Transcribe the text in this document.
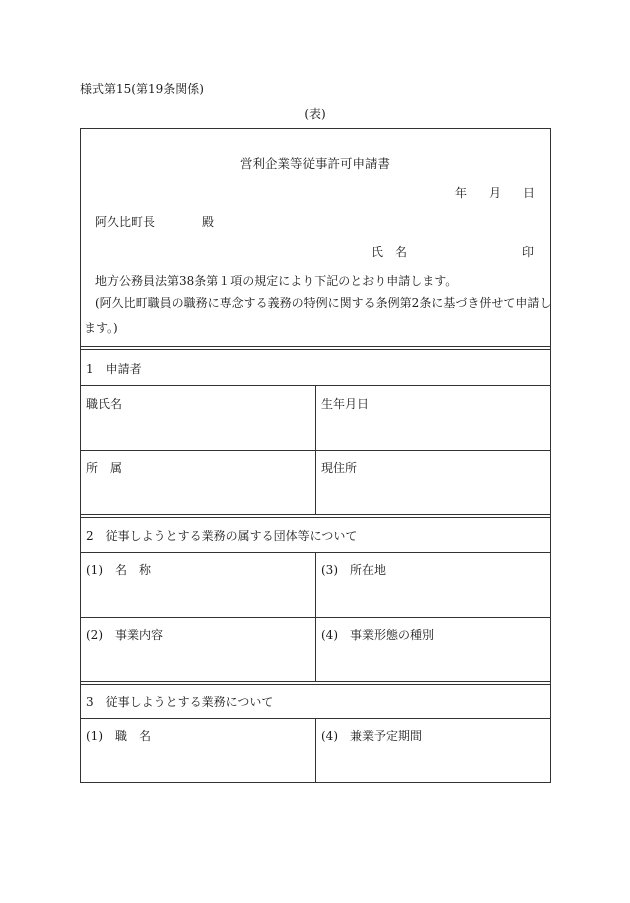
様式第15(第19条関係)
(表)
営利企業等従事許可申請書
年 月 日
阿久比町長	殿
氏　名	印
地方公務員法第38条第１項の規定により下記のとおり申請します。
(阿久比町職員の職務に専念する義務の特例に関する条例第2条に基づき併せて申請し
ます。)
1　申請者
職氏名	生年月日
所　属	現住所
2　従事しようとする業務の属する団体等について
(1)　名　称	(3)　所在地
(2)　事業内容	(4)　事業形態の種別
3　従事しようとする業務について
(1)　職　名	(4)　兼業予定期間
